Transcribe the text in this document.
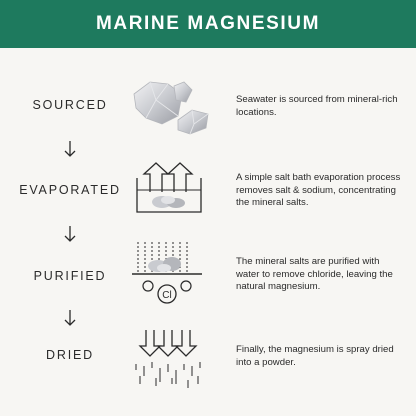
MARINE MAGNESIUM
SOURCED
EVAPORATED
PURIFIED
DRIED
Cl
Seawater is sourced from mineral-rich locations.
A simple salt bath evaporation process removes salt & sodium, concentrating the mineral salts.
The mineral salts are purified with water to remove chloride, leaving the natural magnesium.
Finally, the magnesium is spray dried into a powder.
